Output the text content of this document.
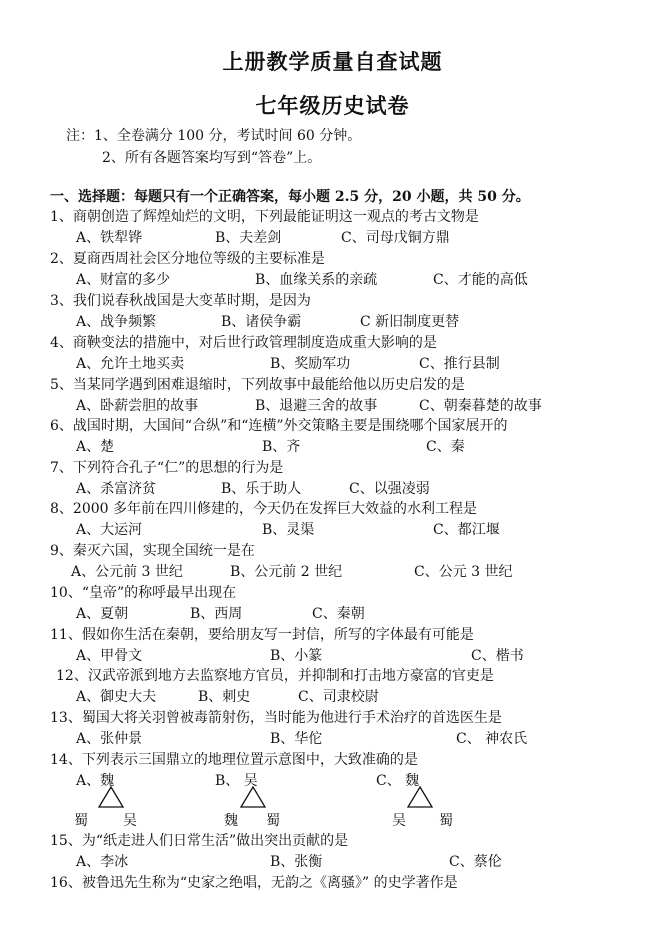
上册教学质量自查试题
七年级历史试卷
注：1、全卷满分 100 分，考试时间 60 分钟。
2、所有各题答案均写到“答卷”上。
一、选择题：每题只有一个正确答案，每小题 2.5 分，20 小题，共 50 分。
1、商朝创造了辉煌灿烂的文明，下列最能证明这一观点的考古文物是
A、铁犁铧	B、夫差剑	C、司母戊铜方鼎
2、夏商西周社会区分地位等级的主要标准是
A、财富的多少	B、血缘关系的亲疏	C、才能的高低
3、我们说春秋战国是大变革时期，是因为
A、战争频繁	B、诸侯争霸	C 新旧制度更替
4、商鞅变法的措施中，对后世行政管理制度造成重大影响的是
A、允许土地买卖	B、奖励军功	C、推行县制
5、当某同学遇到困难退缩时，下列故事中最能给他以历史启发的是
A、卧薪尝胆的故事	B、退避三舍的故事	C、朝秦暮楚的故事
6、战国时期，大国间“合纵”和“连横”外交策略主要是围绕哪个国家展开的
A、楚	B、齐	C、秦
7、下列符合孔子“仁”的思想的行为是
A、杀富济贫	B、乐于助人	C、以强凌弱
8、2000 多年前在四川修建的，今天仍在发挥巨大效益的水利工程是
A、大运河	B、灵渠	C、都江堰
9、秦灭六国，实现全国统一是在
A、公元前 3 世纪	B、公元前 2 世纪	C、公元 3 世纪
10、“皇帝”的称呼最早出现在
A、夏朝	B、西周	C、秦朝
11、假如你生活在秦朝，要给朋友写一封信，所写的字体最有可能是
A、甲骨文	B、小篆	C、楷书
12、汉武帝派到地方去监察地方官员，并抑制和打击地方豪富的官吏是
A、御史大夫	B、刺史	C、司隶校尉
13、蜀国大将关羽曾被毒箭射伤，当时能为他进行手术治疗的首选医生是
A、张仲景	B、华佗	C、 神农氏
14、下列表示三国鼎立的地理位置示意图中，大致准确的是
A、魏	B、 吴	C、 魏
蜀	吴	魏 蜀	吴 蜀
15、为“纸走进人们日常生活”做出突出贡献的是
A、李冰	B、张衡	C、蔡伦
16、被鲁迅先生称为“史家之绝唱，无韵之《离骚》” 的史学著作是
